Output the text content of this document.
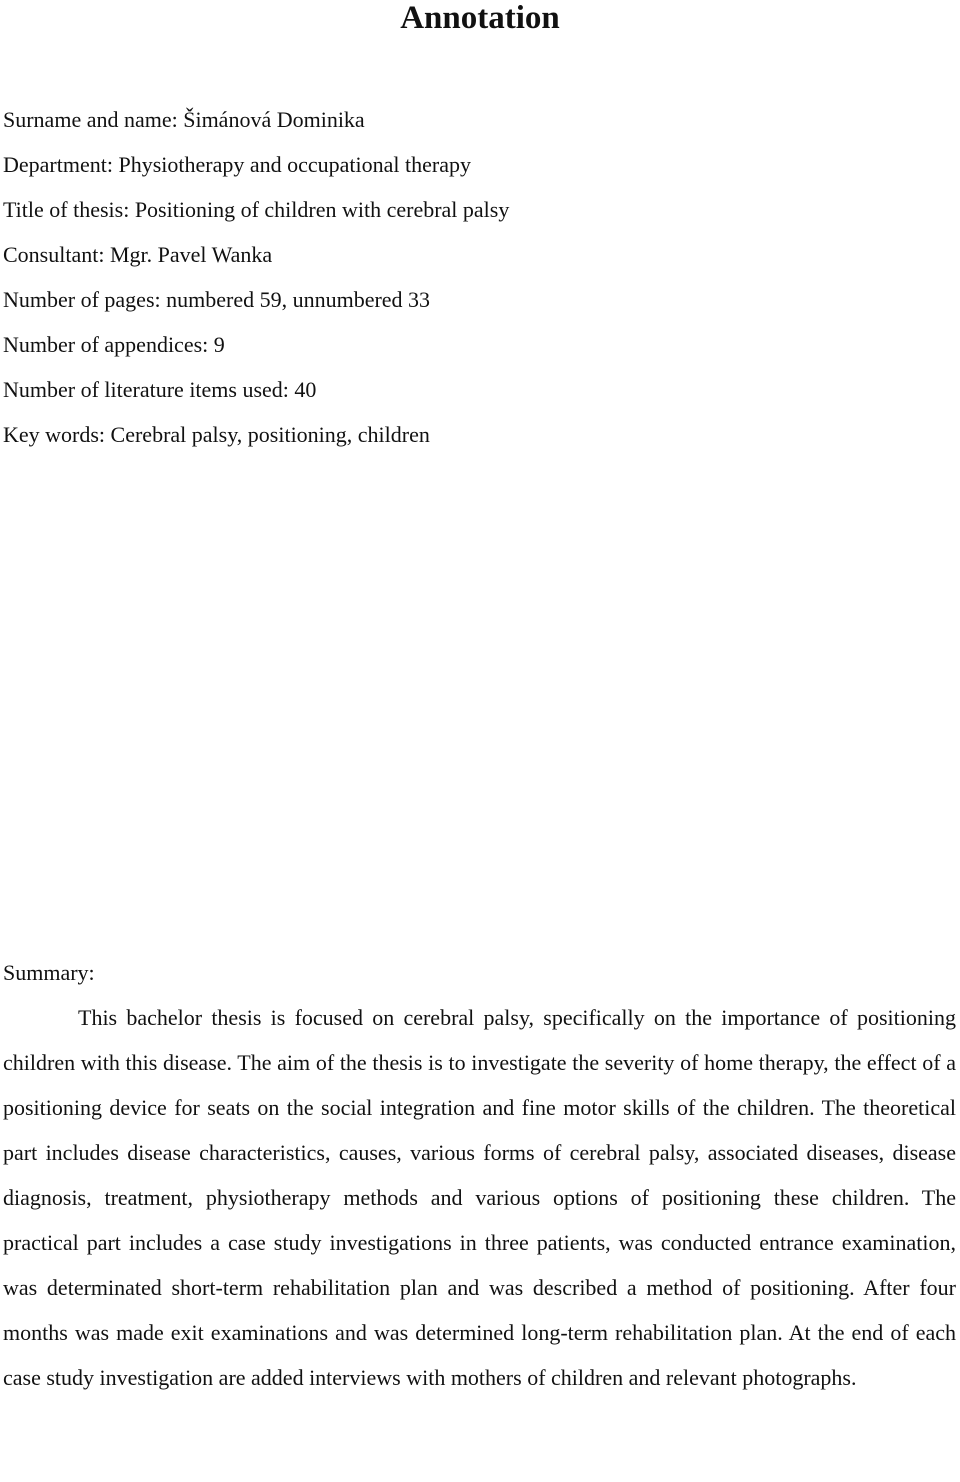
Annotation
Surname and name: Šimánová Dominika
Department: Physiotherapy and occupational therapy
Title of thesis: Positioning of children with cerebral palsy
Consultant: Mgr. Pavel Wanka
Number of pages: numbered 59, unnumbered 33
Number of appendices: 9
Number of literature items used: 40
Key words: Cerebral palsy, positioning, children

Summary:

This bachelor thesis is focused on cerebral palsy, specifically on the importance of positioning children with this disease. The aim of the thesis is to investigate the severity of home therapy, the effect of a positioning device for seats on the social integration and fine motor skills of the children. The theoretical part includes disease characteristics, causes, various forms of cerebral palsy, associated diseases, disease diagnosis, treatment, physiotherapy methods and various options of positioning these children. The practical part includes a case study investigations in three patients, was conducted entrance examination, was determinated short-term rehabilitation plan and was described a method of positioning. After four months was made exit examinations and was determined long-term rehabilitation plan. At the end of each case study investigation are added interviews with mothers of children and relevant photographs.
